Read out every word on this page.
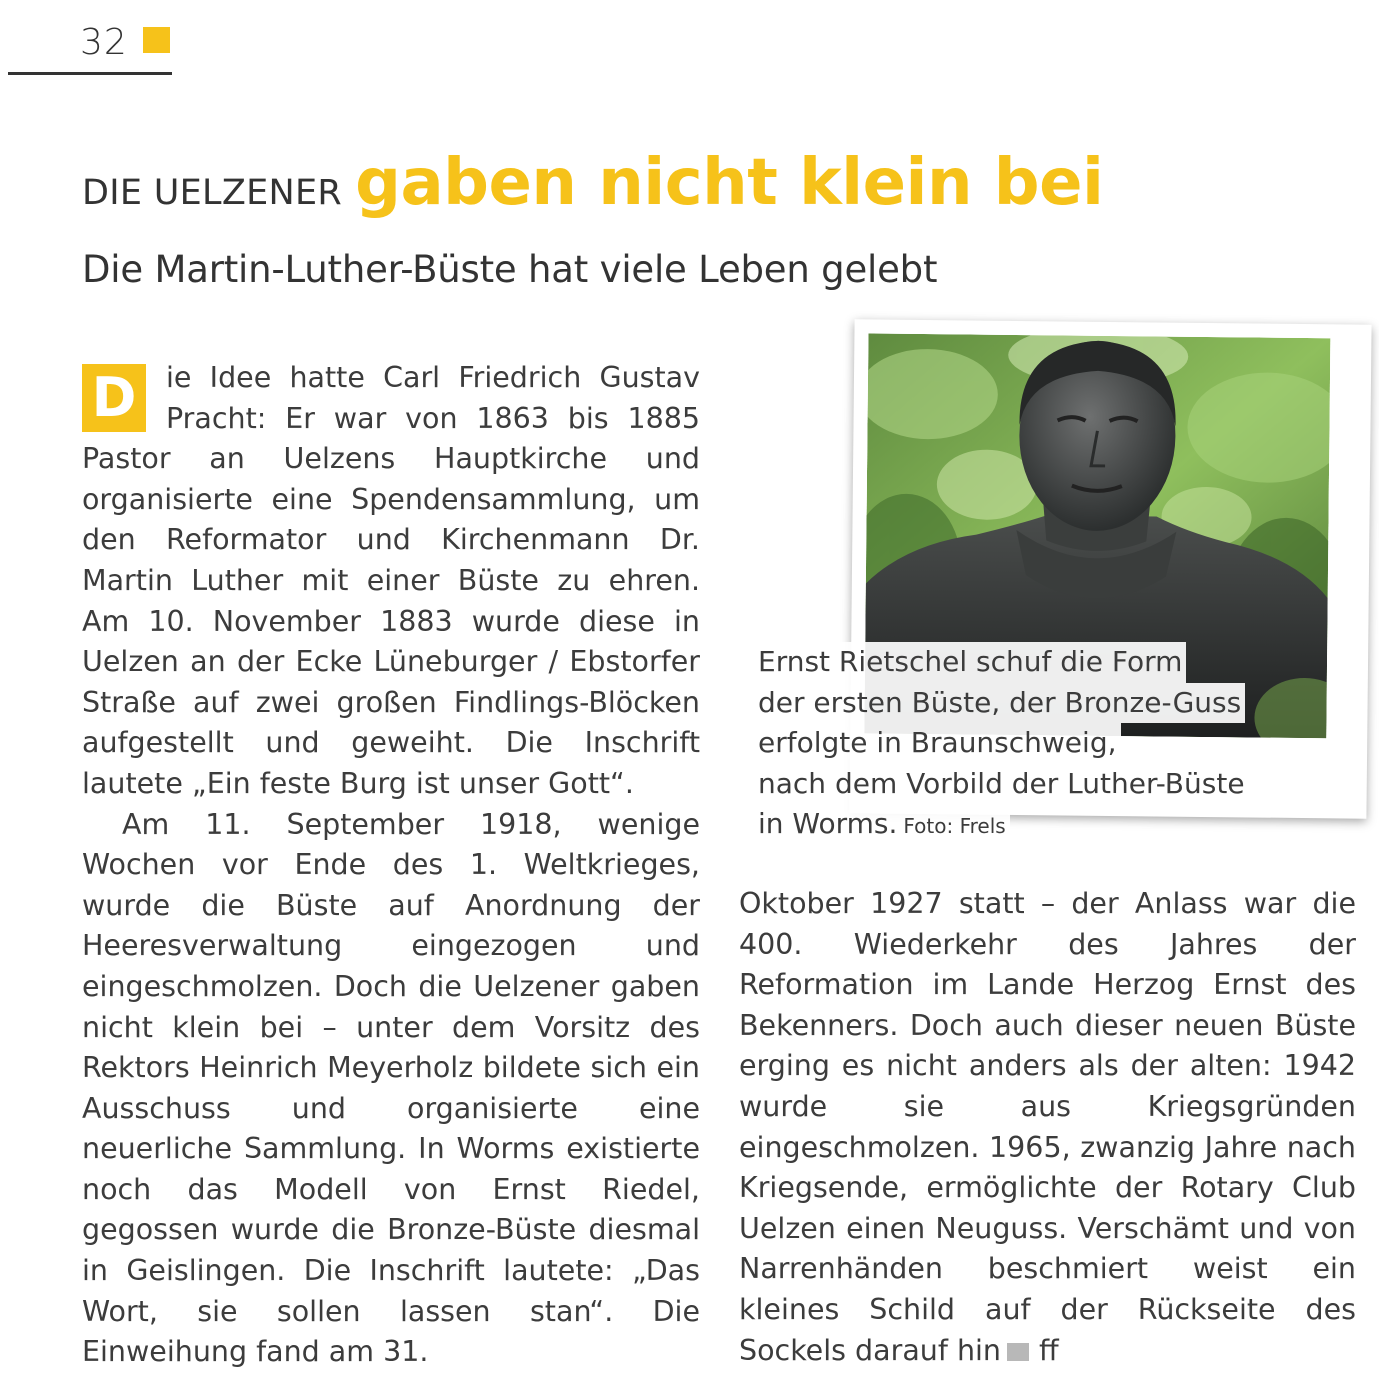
32
DIE UELZENER gaben nicht klein bei
Die Martin-Luther-Büste hat viele Leben gelebt

D	ie Idee hatte Carl Friedrich Gustav Pracht: Er war von 1863 bis 1885 Pastor an Uelzens Hauptkirche und organisierte eine Spendensammlung, um den Reformator und Kirchenmann Dr. Martin Luther mit einer Büste zu ehren. Am 10. November 1883 wurde diese in Uelzen an der Ecke Lüneburger / Ebstorfer Straße auf zwei großen Findlings-Blöcken aufgestellt und geweiht. Die Inschrift lautete „Ein feste Burg ist unser Gott“.

Am 11. September 1918, wenige Wochen vor Ende des 1. Weltkrieges, wurde die Büste auf Anordnung der Heeresverwaltung eingezogen und eingeschmolzen. Doch die Uelzener gaben nicht klein bei – unter dem Vorsitz des Rektors Heinrich Meyerholz bildete sich ein Ausschuss und organisierte eine neuerliche Sammlung. In Worms existierte noch das Modell von Ernst Riedel, gegossen wurde die Bronze-Büste diesmal in Geislingen. Die Inschrift lautete: „Das Wort, sie sollen lassen stan“. Die Einweihung fand am 31.

Ernst Rietschel schuf die Form
der ersten Büste, der Bronze-Guss
erfolgte in Braunschweig,
nach dem Vorbild der Luther-Büste
in Worms. Foto: Frels

Oktober 1927 statt – der Anlass war die 400. Wiederkehr des Jahres der Reformation im Lande Herzog Ernst des Bekenners. Doch auch dieser neuen Büste erging es nicht anders als der alten: 1942 wurde sie aus Kriegsgründen eingeschmolzen. 1965, zwanzig Jahre nach Kriegsende, ermöglichte der Rotary Club Uelzen einen Neuguss. Verschämt und von Narrenhänden beschmiert weist ein kleines Schild auf der Rückseite des Sockels darauf hin ff
